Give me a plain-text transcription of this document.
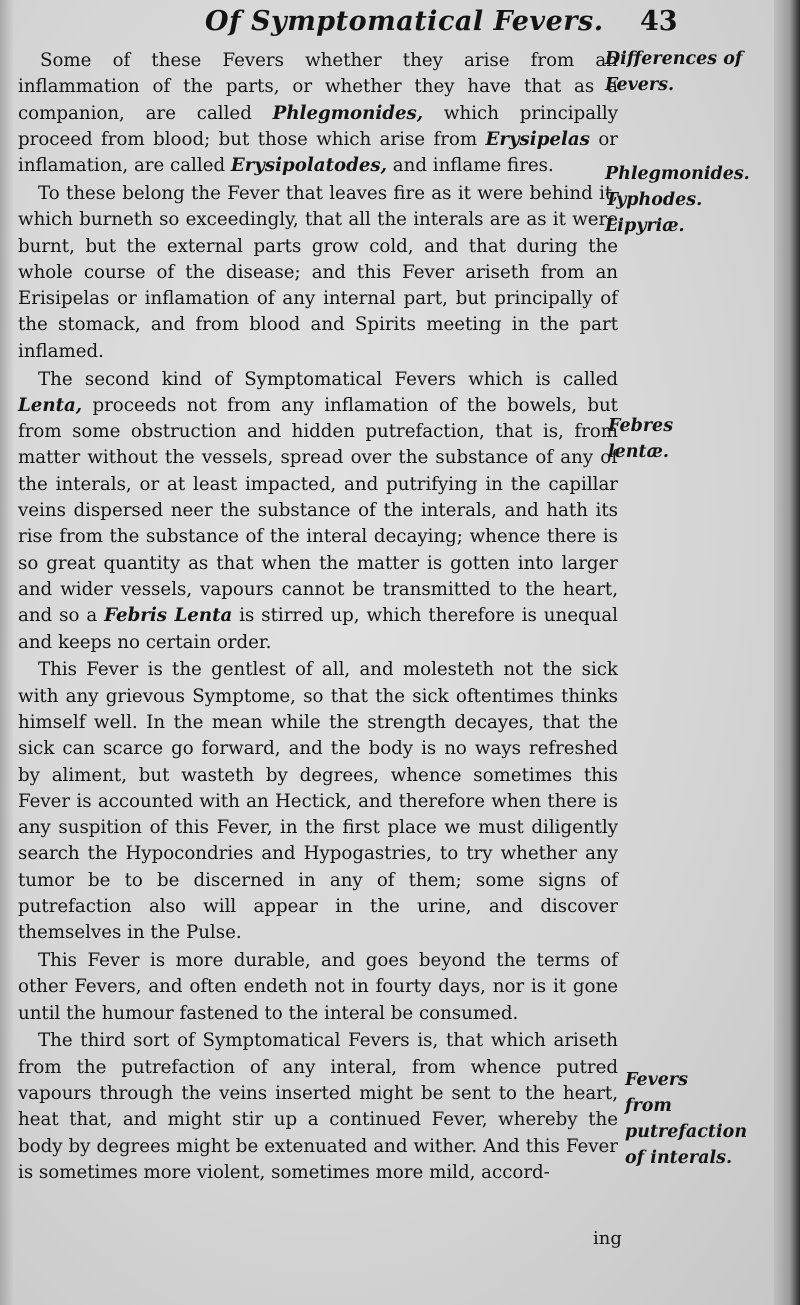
Of Symptomatical Fevers. 43

Some of these Fevers whether they arise from an inflammation of the parts, or whether they have that as a companion, are called Phlegmonides, which principally proceed from blood; but those which arise from Erysipelas or inflamation, are called Erysipolatodes, and inflame fires.

To these belong the Fever that leaves fire as it were behind it, which burneth so exceedingly, that all the interals are as it were burnt, but the external parts grow cold, and that during the whole course of the disease; and this Fever ariseth from an Erisipelas or inflamation of any internal part, but principally of the stomack, and from blood and Spirits meeting in the part inflamed.

The second kind of Symptomatical Fevers which is called Lenta, proceeds not from any inflamation of the bowels, but from some obstruction and hidden putrefaction, that is, from matter without the vessels, spread over the substance of any of the interals, or at least impacted, and putrifying in the capillar veins dispersed neer the substance of the interals, and hath its rise from the substance of the interal decaying; whence there is so great quantity as that when the matter is gotten into larger and wider vessels, vapours cannot be transmitted to the heart, and so a Febris Lenta is stirred up, which therefore is unequal and keeps no certain order.

This Fever is the gentlest of all, and molesteth not the sick with any grievous Symptome, so that the sick oftentimes thinks himself well. In the mean while the strength decayes, that the sick can scarce go forward, and the body is no ways refreshed by aliment, but wasteth by degrees, whence sometimes this Fever is accounted with an Hectick, and therefore when there is any suspition of this Fever, in the first place we must diligently search the Hypocondries and Hypogastries, to try whether any tumor be to be discerned in any of them; some signs of putrefaction also will appear in the urine, and discover themselves in the Pulse.

This Fever is more durable, and goes beyond the terms of other Fevers, and often endeth not in fourty days, nor is it gone until the humour fastened to the interal be consumed.

The third sort of Symptomatical Fevers is, that which ariseth from the putrefaction of any interal, from whence putred vapours through the veins inserted might be sent to the heart, heat that, and might stir up a continued Fever, whereby the body by degrees might be extenuated and wither. And this Fever is sometimes more violent, sometimes more mild, accord-

Differences of Fevers.
Phlegmonides.
Typhodes.
Lipyriæ.
Febres
lentæ.
Fevers
from putrefaction
of interals.
ing
